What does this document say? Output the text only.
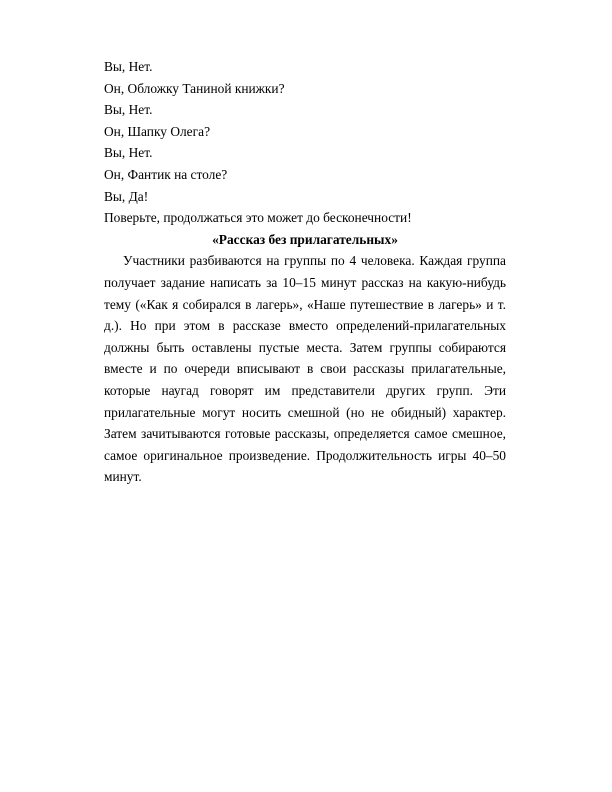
Вы, Нет.

Он, Обложку Таниной книжки?

Вы, Нет.

Он, Шапку Олега?

Вы, Нет.

Он, Фантик на столе?

Вы, Да!

Поверьте, продолжаться это может до бесконечности!

«Рассказ без прилагательных»

Участники разбиваются на группы по 4 человека. Каждая группа получает задание написать за 10–15 минут рассказ на какую-нибудь тему («Как я собирался в лагерь», «Наше путешествие в лагерь» и т. д.). Но при этом в рассказе вместо определений-прилагательных должны быть оставлены пустые места. Затем группы собираются вместе и по очереди вписывают в свои рассказы прилагательные, которые наугад говорят им представители других групп. Эти прилагательные могут носить смешной (но не обидный) характер. Затем зачитываются готовые рассказы, определяется самое смешное, самое оригинальное произведение. Продолжительность игры 40–50 минут.
